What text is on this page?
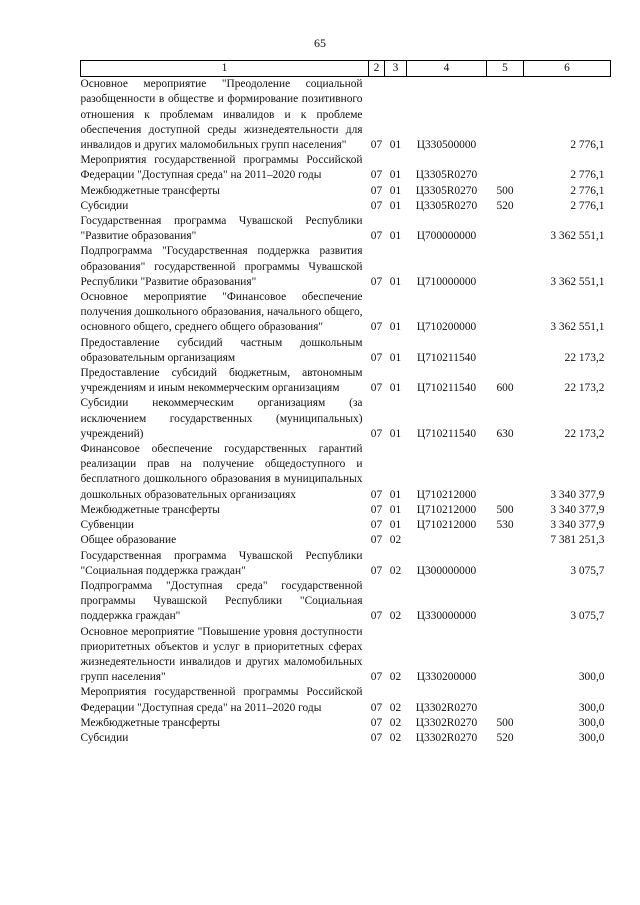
65
1	2	3	4	5	6
Основное мероприятие "Преодоление социальной разобщенности в обществе и формирование позитивного отношения к проблемам инвалидов и к проблеме обеспечения доступной среды жизнедеятельности для инвалидов и других маломобильных групп населения"	07	01	Ц330500000		2 776,1
Мероприятия государственной программы Российской Федерации "Доступная среда" на 2011–2020 годы	07	01	Ц3305R0270		2 776,1
Межбюджетные трансферты	07	01	Ц3305R0270	500	2 776,1
Субсидии	07	01	Ц3305R0270	520	2 776,1
Государственная программа Чувашской Республики "Развитие образования"	07	01	Ц700000000		3 362 551,1
Подпрограмма "Государственная поддержка развития образования" государственной программы Чувашской Республики "Развитие образования"	07	01	Ц710000000		3 362 551,1
Основное мероприятие "Финансовое обеспечение получения дошкольного образования, начального общего, основного общего, среднего общего образования"	07	01	Ц710200000		3 362 551,1
Предоставление субсидий частным дошкольным образовательным организациям	07	01	Ц710211540		22 173,2
Предоставление субсидий бюджетным, автономным учреждениям и иным некоммерческим организациям	07	01	Ц710211540	600	22 173,2
Субсидии некоммерческим организациям (за исключением государственных (муниципальных) учреждений)	07	01	Ц710211540	630	22 173,2
Финансовое обеспечение государственных гарантий реализации прав на получение общедоступного и бесплатного дошкольного образования в муниципальных дошкольных образовательных организациях	07	01	Ц710212000		3 340 377,9
Межбюджетные трансферты	07	01	Ц710212000	500	3 340 377,9
Субвенции	07	01	Ц710212000	530	3 340 377,9
Общее образование	07	02			7 381 251,3
Государственная программа Чувашской Республики "Социальная поддержка граждан"	07	02	Ц300000000		3 075,7
Подпрограмма "Доступная среда" государственной программы Чувашской Республики "Социальная поддержка граждан"	07	02	Ц330000000		3 075,7
Основное мероприятие "Повышение уровня доступности приоритетных объектов и услуг в приоритетных сферах жизнедеятельности инвалидов и других маломобильных групп населения"	07	02	Ц330200000		300,0
Мероприятия государственной программы Российской Федерации "Доступная среда" на 2011–2020 годы	07	02	Ц3302R0270		300,0
Межбюджетные трансферты	07	02	Ц3302R0270	500	300,0
Субсидии	07	02	Ц3302R0270	520	300,0
